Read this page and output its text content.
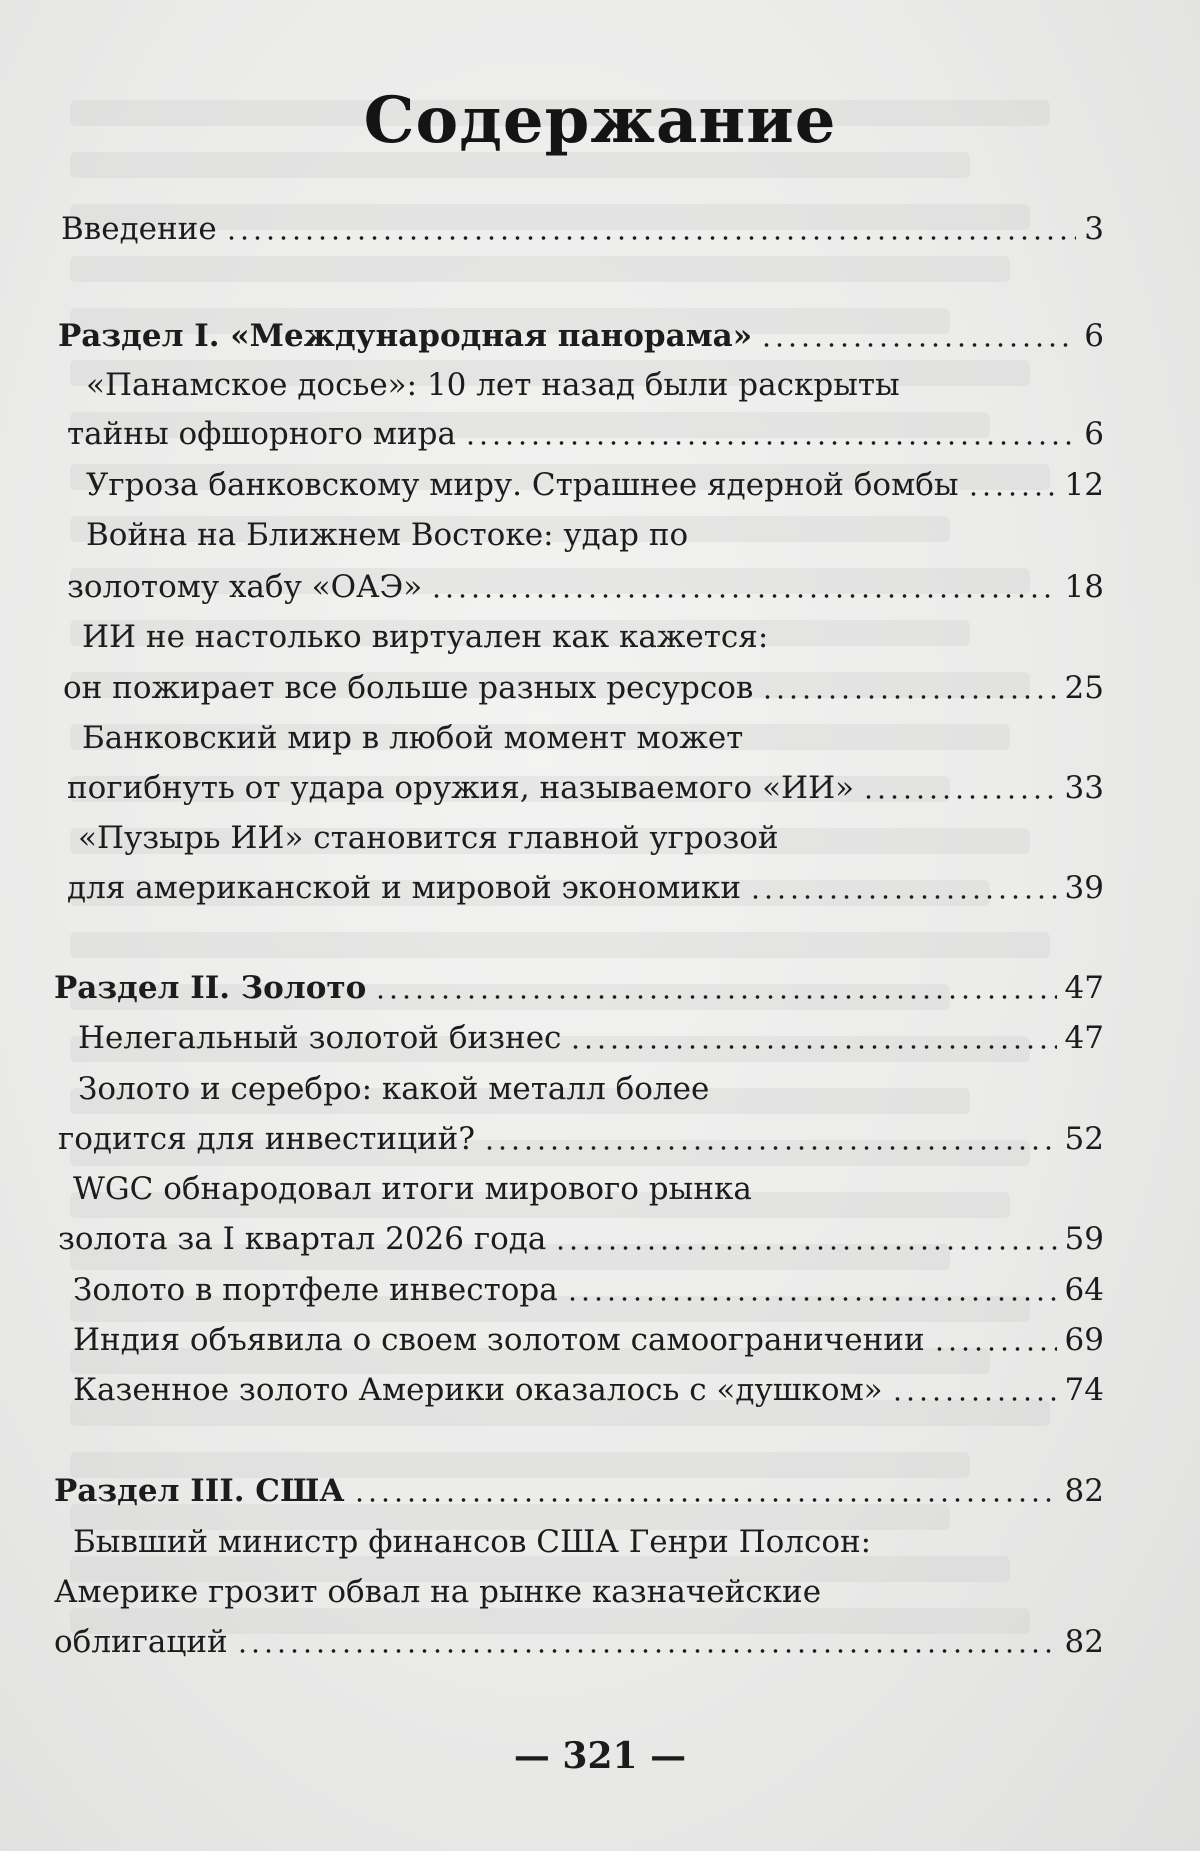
Содержание
Введение	3
Раздел I. «Международная панорама»	6
«Панамское досье»: 10 лет назад были раскрыты
тайны офшорного мира	6
Угроза банковскому миру. Страшнее ядерной бомбы	12
Война на Ближнем Востоке: удар по
золотому хабу «ОАЭ»	18
ИИ не настолько виртуален как кажется:
он пожирает все больше разных ресурсов	25
Банковский мир в любой момент может
погибнуть от удара оружия, называемого «ИИ»	33
«Пузырь ИИ» становится главной угрозой
для американской и мировой экономики	39
Раздел II. Золото	47
Нелегальный золотой бизнес	47
Золото и серебро: какой металл более
годится для инвестиций?	52
WGC обнародовал итоги мирового рынка
золота за I квартал 2026 года	59
Золото в портфеле инвестора	64
Индия объявила о своем золотом самоограничении	69
Казенное золото Америки оказалось с «душком»	74
Раздел III. США	82
Бывший министр финансов США Генри Полсон:
Америке грозит обвал на рынке казначейские
облигаций	82
— 321 —
